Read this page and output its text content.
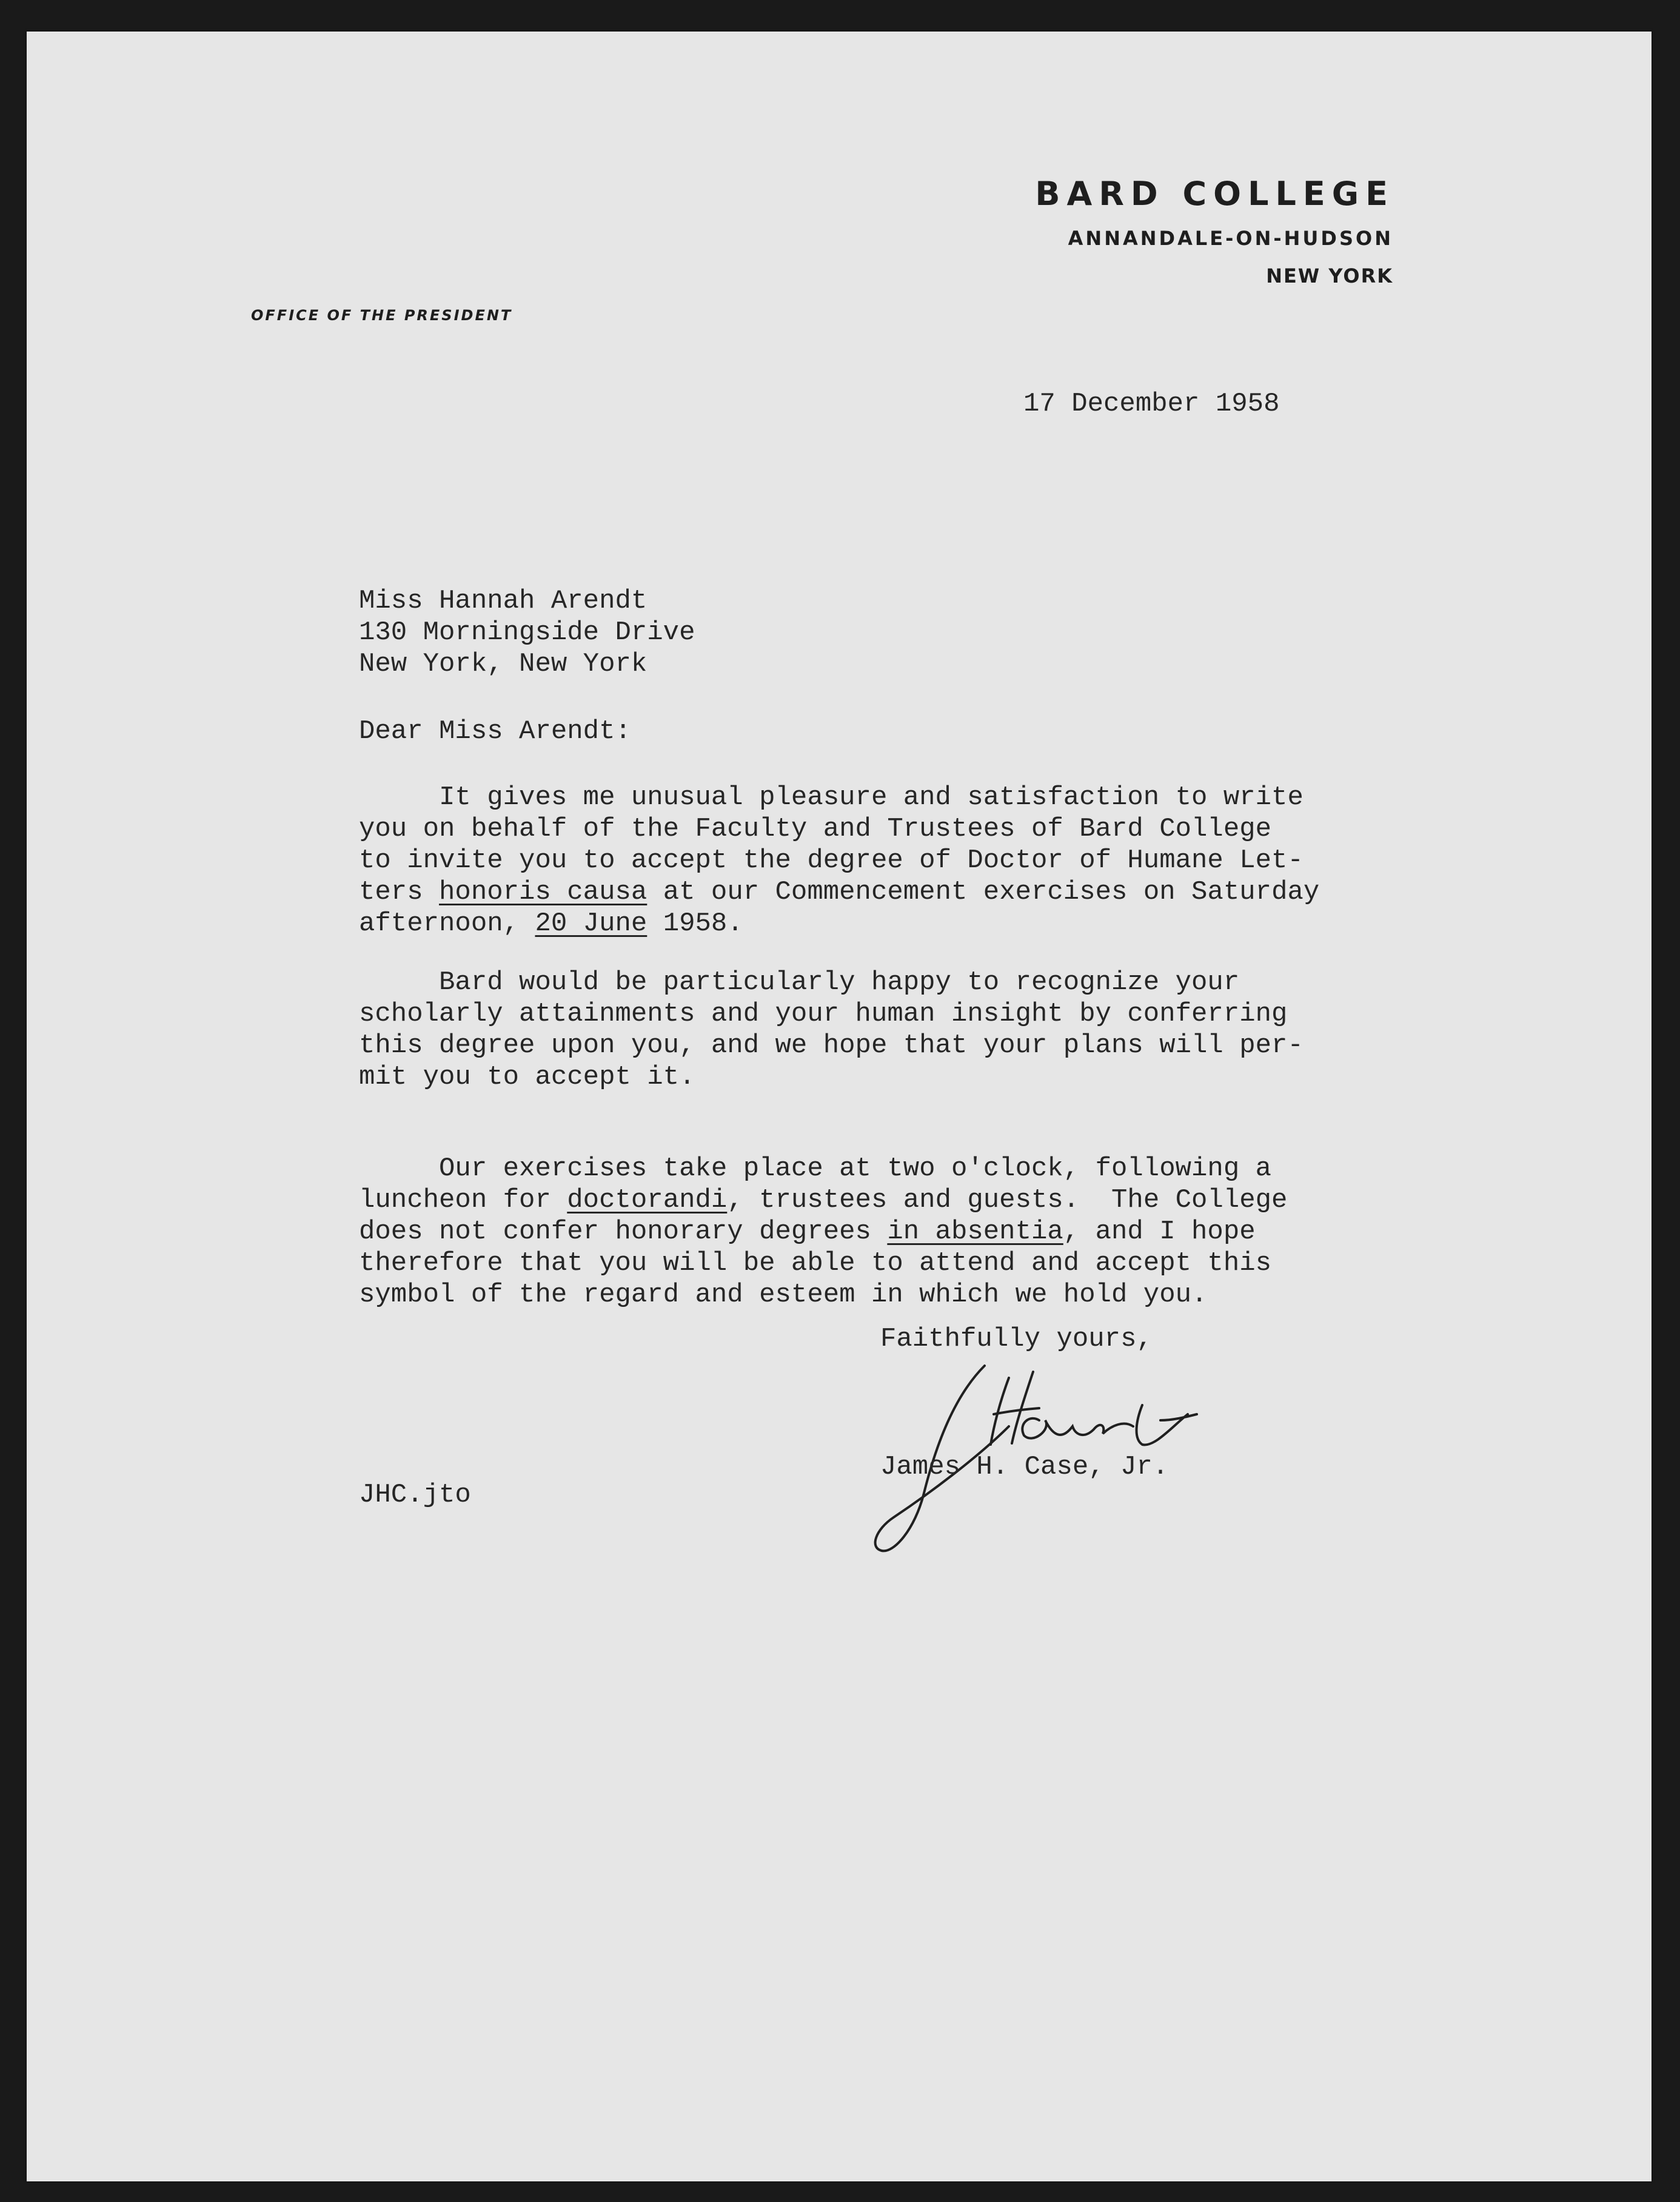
BARD COLLEGE
ANNANDALE-ON-HUDSON
NEW YORK
OFFICE OF THE PRESIDENT
17 December 1958
Miss Hannah Arendt
130 Morningside Drive
New York, New York
Dear Miss Arendt:
It gives me unusual pleasure and satisfaction to write
you on behalf of the Faculty and Trustees of Bard College
to invite you to accept the degree of Doctor of Humane Let-
ters honoris causa at our Commencement exercises on Saturday
afternoon, 20 June 1958.
Bard would be particularly happy to recognize your
scholarly attainments and your human insight by conferring
this degree upon you, and we hope that your plans will per-
mit you to accept it.
Our exercises take place at two o'clock, following a
luncheon for doctorandi, trustees and guests.  The College
does not confer honorary degrees in absentia, and I hope
therefore that you will be able to attend and accept this
symbol of the regard and esteem in which we hold you.
Faithfully yours,
James H. Case, Jr.
JHC.jto
